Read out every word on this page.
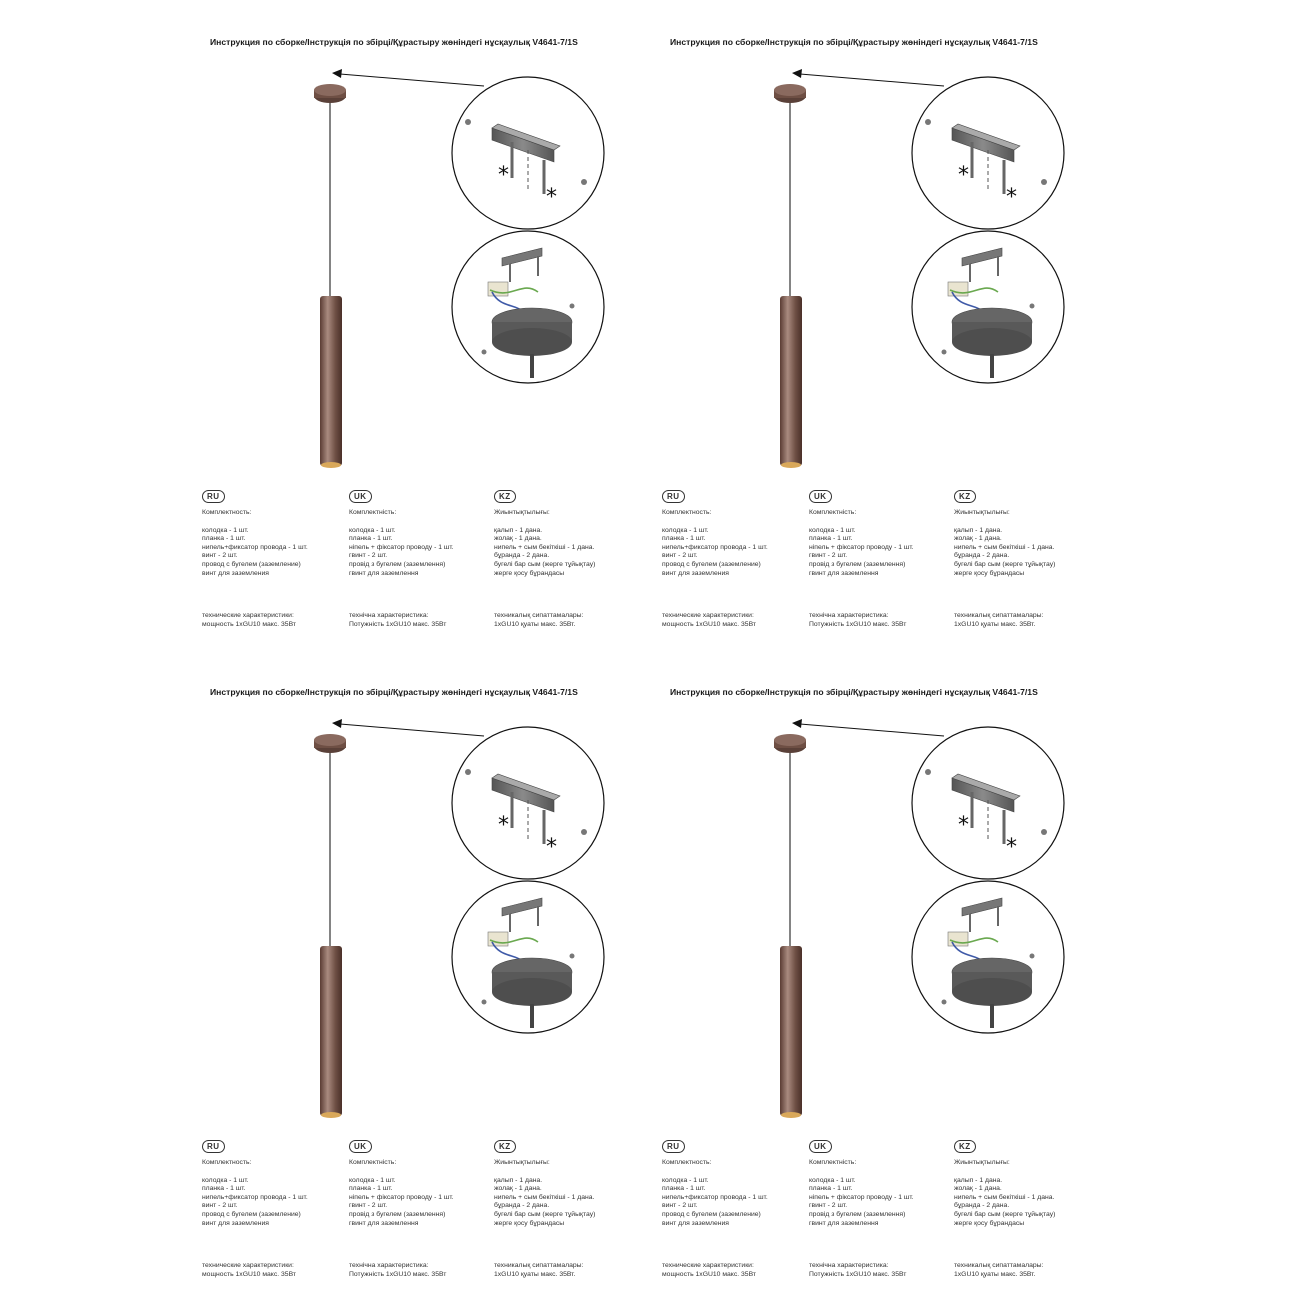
Инструкция по сборке/Інструкція по збірці/Құрастыру жөніндегі нұсқаулық V4641-7/1S
*
*
RU
Комплектность:
колодка - 1 шт.
планка - 1 шт.
нипель+фиксатор провода - 1 шт.
винт - 2 шт.
провод с бугелем (заземление)
винт для заземления
технические характеристики:
мощность 1xGU10 макс. 35Вт
UK
Комплектність:
колодка - 1 шт.
планка - 1 шт.
ніпель + фіксатор проводу - 1 шт.
гвинт - 2 шт.
провід з бугелем (заземлення)
гвинт для заземлення
технічна характеристика:
Потужність 1xGU10 макс. 35Вт
KZ
Жиынтықтылығы:
қалып - 1 дана.
жолақ - 1 дана.
нипель + сым бекіткіші - 1 дана.
бұранда - 2 дана.
бугелі бар сым (жерге тұйықтау)
жерге қосу бұрандасы
техникалық сипаттамалары:
1xGU10 қуаты макс. 35Вт.
Инструкция по сборке/Інструкція по збірці/Құрастыру жөніндегі нұсқаулық V4641-7/1S
*
*
RU
Комплектность:
колодка - 1 шт.
планка - 1 шт.
нипель+фиксатор провода - 1 шт.
винт - 2 шт.
провод с бугелем (заземление)
винт для заземления
технические характеристики:
мощность 1xGU10 макс. 35Вт
UK
Комплектність:
колодка - 1 шт.
планка - 1 шт.
ніпель + фіксатор проводу - 1 шт.
гвинт - 2 шт.
провід з бугелем (заземлення)
гвинт для заземлення
технічна характеристика:
Потужність 1xGU10 макс. 35Вт
KZ
Жиынтықтылығы:
қалып - 1 дана.
жолақ - 1 дана.
нипель + сым бекіткіші - 1 дана.
бұранда - 2 дана.
бугелі бар сым (жерге тұйықтау)
жерге қосу бұрандасы
техникалық сипаттамалары:
1xGU10 қуаты макс. 35Вт.
Инструкция по сборке/Інструкція по збірці/Құрастыру жөніндегі нұсқаулық V4641-7/1S
*
*
RU
Комплектность:
колодка - 1 шт.
планка - 1 шт.
нипель+фиксатор провода - 1 шт.
винт - 2 шт.
провод с бугелем (заземление)
винт для заземления
технические характеристики:
мощность 1xGU10 макс. 35Вт
UK
Комплектність:
колодка - 1 шт.
планка - 1 шт.
ніпель + фіксатор проводу - 1 шт.
гвинт - 2 шт.
провід з бугелем (заземлення)
гвинт для заземлення
технічна характеристика:
Потужність 1xGU10 макс. 35Вт
KZ
Жиынтықтылығы:
қалып - 1 дана.
жолақ - 1 дана.
нипель + сым бекіткіші - 1 дана.
бұранда - 2 дана.
бугелі бар сым (жерге тұйықтау)
жерге қосу бұрандасы
техникалық сипаттамалары:
1xGU10 қуаты макс. 35Вт.
Инструкция по сборке/Інструкція по збірці/Құрастыру жөніндегі нұсқаулық V4641-7/1S
*
*
RU
Комплектность:
колодка - 1 шт.
планка - 1 шт.
нипель+фиксатор провода - 1 шт.
винт - 2 шт.
провод с бугелем (заземление)
винт для заземления
технические характеристики:
мощность 1xGU10 макс. 35Вт
UK
Комплектність:
колодка - 1 шт.
планка - 1 шт.
ніпель + фіксатор проводу - 1 шт.
гвинт - 2 шт.
провід з бугелем (заземлення)
гвинт для заземлення
технічна характеристика:
Потужність 1xGU10 макс. 35Вт
KZ
Жиынтықтылығы:
қалып - 1 дана.
жолақ - 1 дана.
нипель + сым бекіткіші - 1 дана.
бұранда - 2 дана.
бугелі бар сым (жерге тұйықтау)
жерге қосу бұрандасы
техникалық сипаттамалары:
1xGU10 қуаты макс. 35Вт.
